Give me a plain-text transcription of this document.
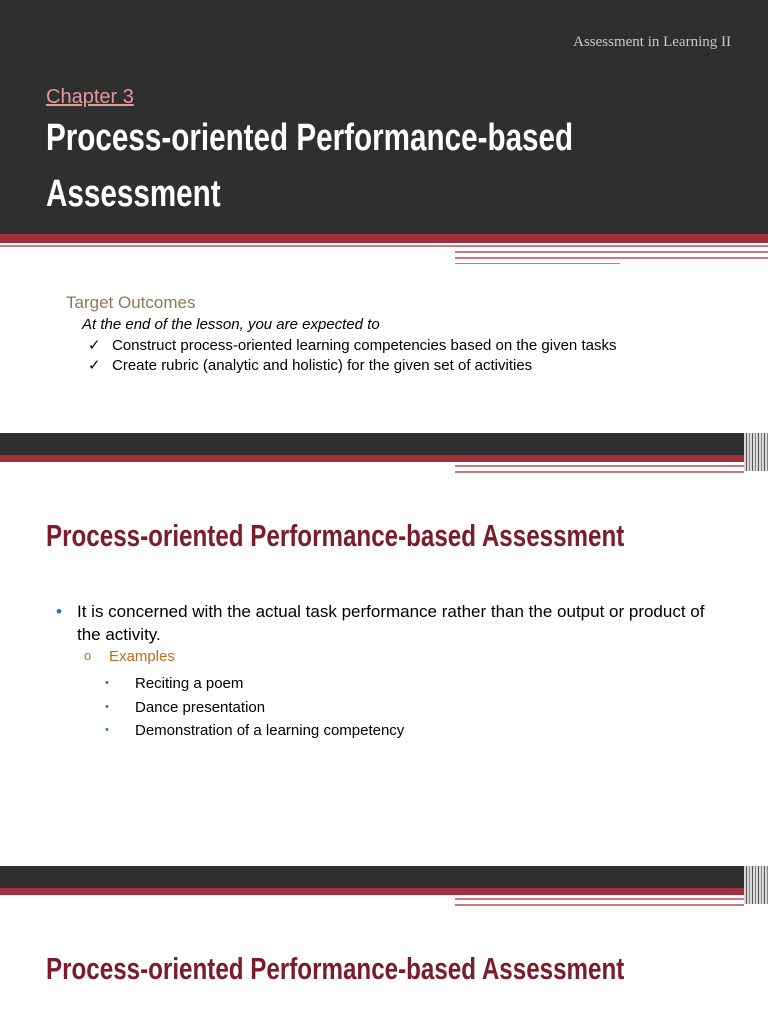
Assessment in Learning II
Chapter 3
Process-oriented Performance-based
Assessment
Target Outcomes
At the end of the lesson, you are expected to
✓ Construct process-oriented learning competencies based on the given tasks
✓ Create rubric (analytic and holistic) for the given set of activities
Process-oriented Performance-based Assessment
• It is concerned with the actual task performance rather than the output or product of the activity.
o	Examples
•	Reciting a poem
•	Dance presentation
•	Demonstration of a learning competency
Process-oriented Performance-based Assessment
